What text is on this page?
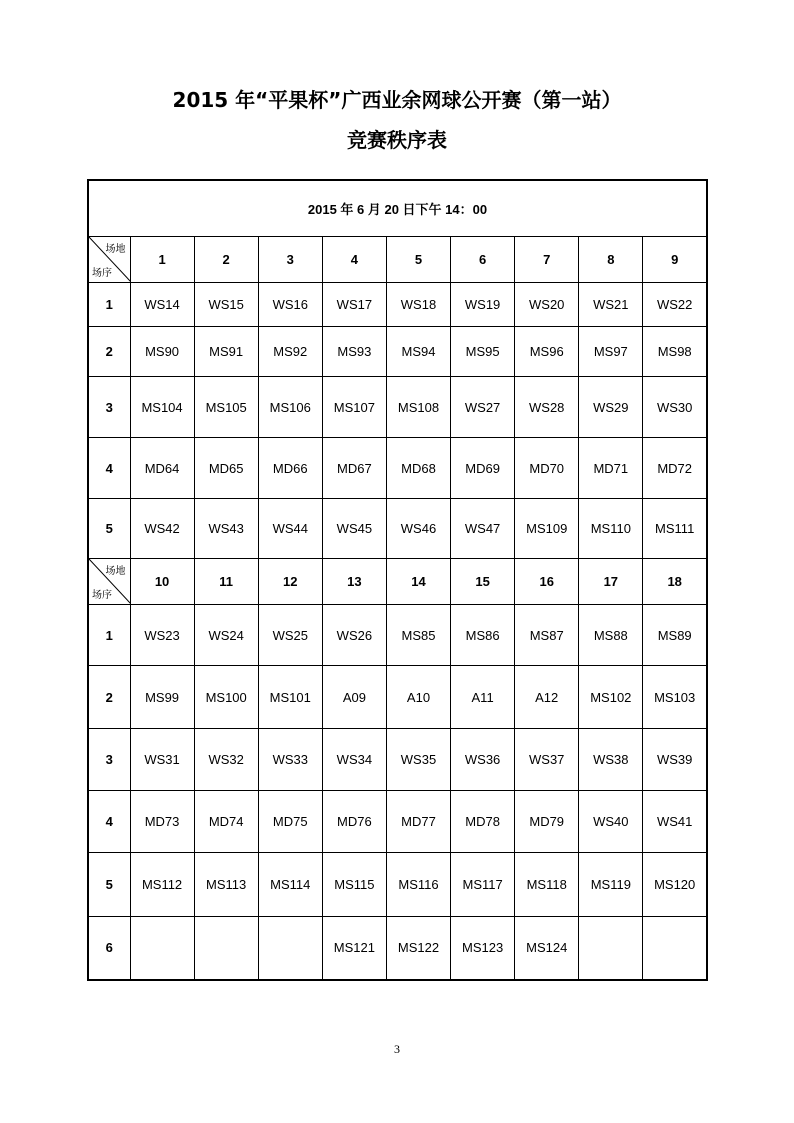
2015 年“平果杯”广西业余网球公开赛（第一站）
竞赛秩序表
2015 年 6 月 20 日下午 14：00									

场地
场序	1	2	3	4	5	6	7	8	9
1	WS14	WS15	WS16	WS17	WS18	WS19	WS20	WS21	WS22
2	MS90	MS91	MS92	MS93	MS94	MS95	MS96	MS97	MS98
3	MS104	MS105	MS106	MS107	MS108	WS27	WS28	WS29	WS30
4	MD64	MD65	MD66	MD67	MD68	MD69	MD70	MD71	MD72
5	WS42	WS43	WS44	WS45	WS46	WS47	MS109	MS110	MS111

场地
场序	10	11	12	13	14	15	16	17	18
1	WS23	WS24	WS25	WS26	MS85	MS86	MS87	MS88	MS89
2	MS99	MS100	MS101	A09	A10	A11	A12	MS102	MS103
3	WS31	WS32	WS33	WS34	WS35	WS36	WS37	WS38	WS39
4	MD73	MD74	MD75	MD76	MD77	MD78	MD79	WS40	WS41
5	MS112	MS113	MS114	MS115	MS116	MS117	MS118	MS119	MS120
6				MS121	MS122	MS123	MS124		
3
